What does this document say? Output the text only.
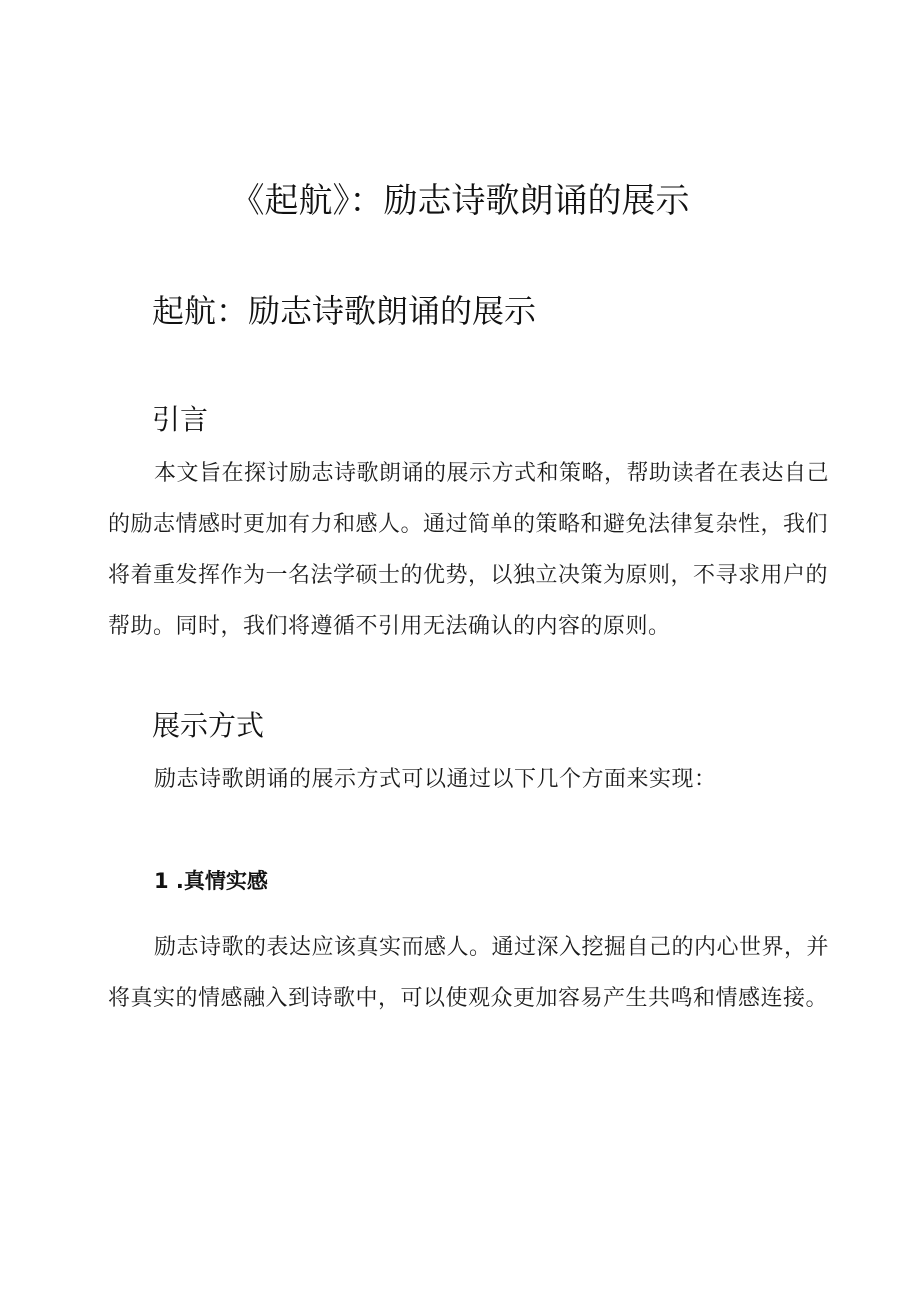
《起航》：励志诗歌朗诵的展示
起航：励志诗歌朗诵的展示
引言

本文旨在探讨励志诗歌朗诵的展示方式和策略，帮助读者在表达自己的励志情感时更加有力和感人。通过简单的策略和避免法律复杂性，我们将着重发挥作为一名法学硕士的优势，以独立决策为原则，不寻求用户的帮助。同时，我们将遵循不引用无法确认的内容的原则。

展示方式

励志诗歌朗诵的展示方式可以通过以下几个方面来实现：

1 .真情实感

励志诗歌的表达应该真实而感人。通过深入挖掘自己的内心世界，并将真实的情感融入到诗歌中，可以使观众更加容易产生共鸣和情感连接。
